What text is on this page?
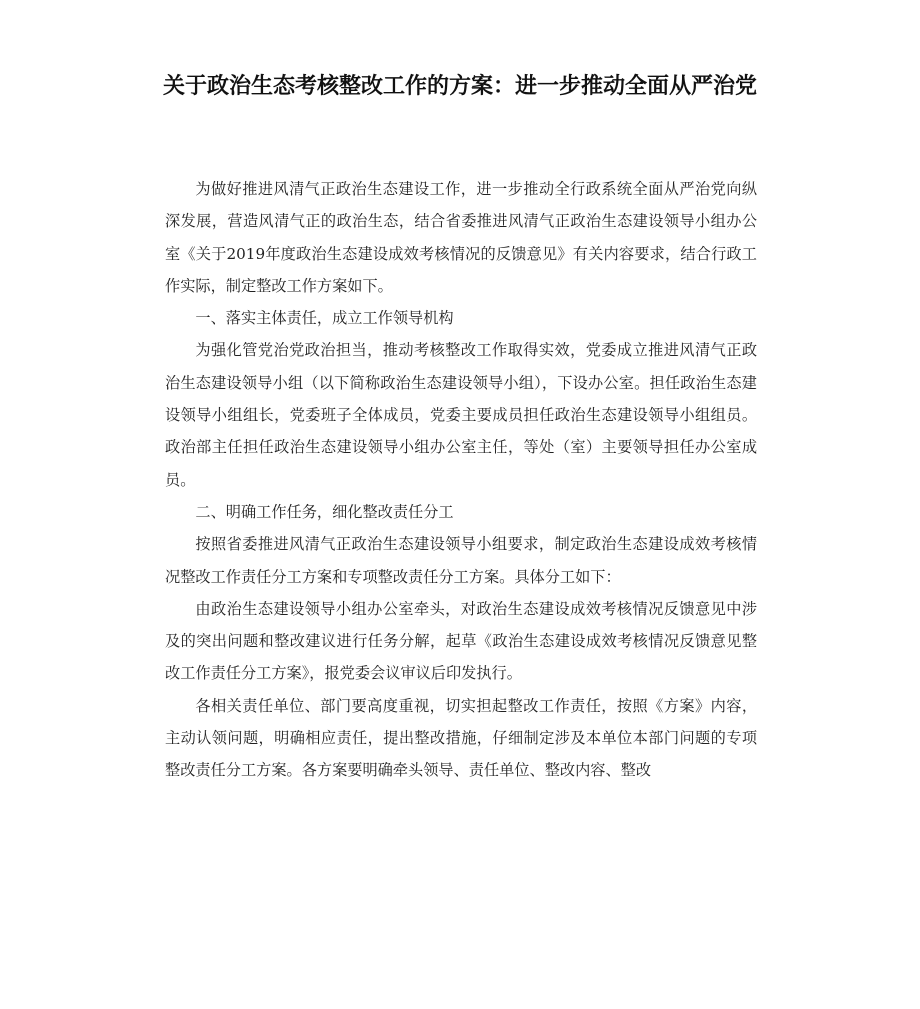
关于政治生态考核整改工作的方案：进一步推动全面从严治党

为做好推进风清气正政治生态建设工作，进一步推动全行政系统全面从严治党向纵深发展，营造风清气正的政治生态，结合省委推进风清气正政治生态建设领导小组办公室《关于2019年度政治生态建设成效考核情况的反馈意见》有关内容要求，结合行政工作实际，制定整改工作方案如下。

一、落实主体责任，成立工作领导机构

为强化管党治党政治担当，推动考核整改工作取得实效，党委成立推进风清气正政治生态建设领导小组（以下简称政治生态建设领导小组），下设办公室。担任政治生态建设领导小组组长，党委班子全体成员，党委主要成员担任政治生态建设领导小组组员。政治部主任担任政治生态建设领导小组办公室主任，等处（室）主要领导担任办公室成员。

二、明确工作任务，细化整改责任分工

按照省委推进风清气正政治生态建设领导小组要求，制定政治生态建设成效考核情况整改工作责任分工方案和专项整改责任分工方案。具体分工如下：

由政治生态建设领导小组办公室牵头，对政治生态建设成效考核情况反馈意见中涉及的突出问题和整改建议进行任务分解，起草《政治生态建设成效考核情况反馈意见整改工作责任分工方案》，报党委会议审议后印发执行。

各相关责任单位、部门要高度重视，切实担起整改工作责任，按照《方案》内容，主动认领问题，明确相应责任，提出整改措施，仔细制定涉及本单位本部门问题的专项整改责任分工方案。各方案要明确牵头领导、责任单位、整改内容、整改
